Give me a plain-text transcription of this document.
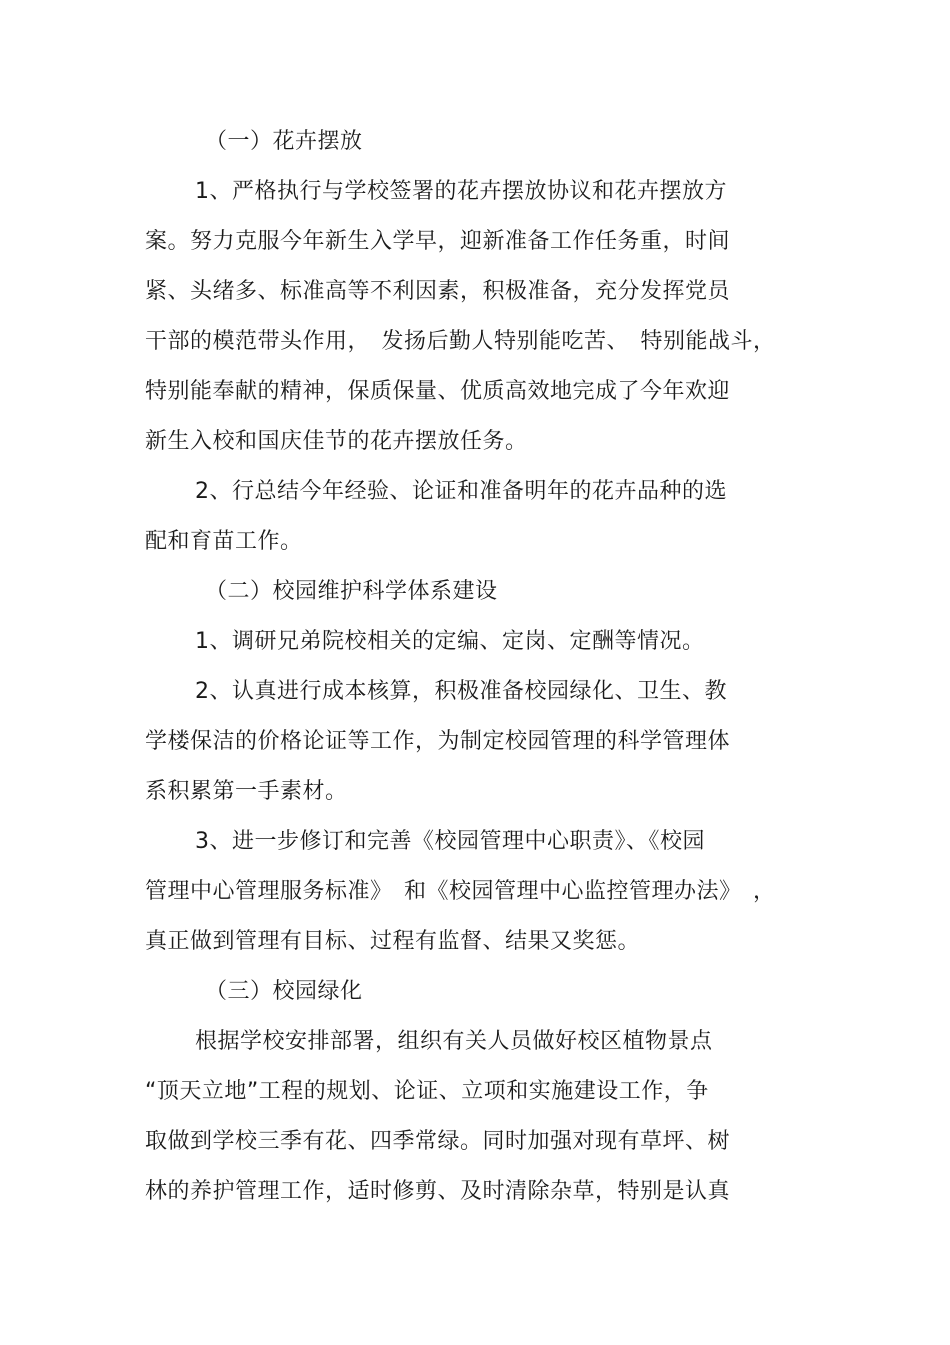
（一）花卉摆放
1、严格执行与学校签署的花卉摆放协议和花卉摆放方
案。努力克服今年新生入学早，迎新准备工作任务重，时间
紧、头绪多、标准高等不利因素，积极准备，充分发挥党员
干部的模范带头作用，　发扬后勤人特别能吃苦、　特别能战斗，
特别能奉献的精神，保质保量、优质高效地完成了今年欢迎
新生入校和国庆佳节的花卉摆放任务。
2、行总结今年经验、论证和准备明年的花卉品种的选
配和育苗工作。
（二）校园维护科学体系建设
1、调研兄弟院校相关的定编、定岗、定酬等情况。
2、认真进行成本核算，积极准备校园绿化、卫生、教
学楼保洁的价格论证等工作，为制定校园管理的科学管理体
系积累第一手素材。
3、进一步修订和完善《校园管理中心职责》、《校园
管理中心管理服务标准》　和《校园管理中心监控管理办法》　，
真正做到管理有目标、过程有监督、结果又奖惩。
（三）校园绿化
根据学校安排部署，组织有关人员做好校区植物景点
“顶天立地”工程的规划、论证、立项和实施建设工作，争
取做到学校三季有花、四季常绿。同时加强对现有草坪、树
林的养护管理工作，适时修剪、及时清除杂草，特别是认真
